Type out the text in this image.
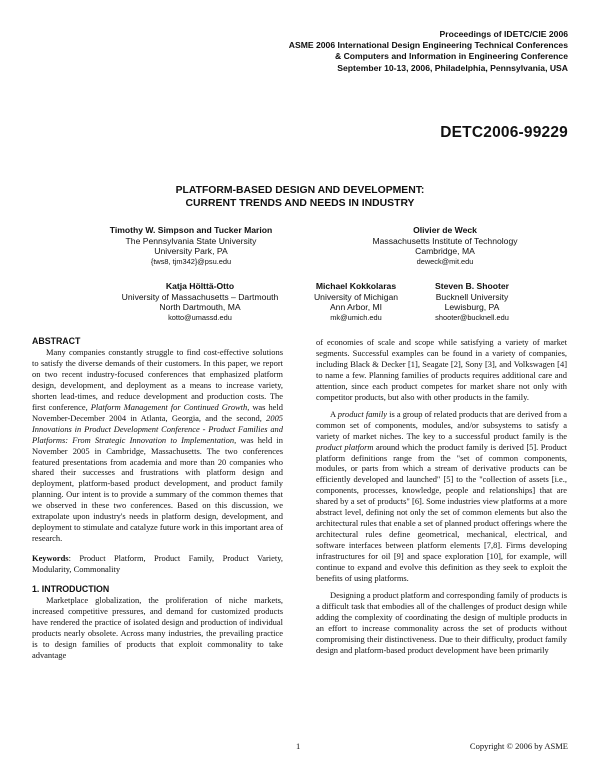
Proceedings of IDETC/CIE 2006
ASME 2006 International Design Engineering Technical Conferences
& Computers and Information in Engineering Conference
September 10-13, 2006, Philadelphia, Pennsylvania, USA
DETC2006-99229
PLATFORM-BASED DESIGN AND DEVELOPMENT:
CURRENT TRENDS AND NEEDS IN INDUSTRY
Timothy W. Simpson and Tucker Marion
The Pennsylvania State University
University Park, PA
{tws8, tjm342}@psu.edu
Olivier de Weck
Massachusetts Institute of Technology
Cambridge, MA
deweck@mit.edu
Katja Hölttä-Otto
University of Massachusetts – Dartmouth
North Dartmouth, MA
kotto@umassd.edu
Michael Kokkolaras
University of Michigan
Ann Arbor, MI
mk@umich.edu
Steven B. Shooter
Bucknell University
Lewisburg, PA
shooter@bucknell.edu

ABSTRACT

Many companies constantly struggle to find cost-effective solutions to satisfy the diverse demands of their customers. In this paper, we report on two recent industry-focused conferences that emphasized platform design, development, and deployment as a means to increase variety, shorten lead-times, and reduce development and production costs. The first conference, Platform Management for Continued Growth, was held November-December 2004 in Atlanta, Georgia, and the second, 2005 Innovations in Product Development Conference - Product Families and Platforms: From Strategic Innovation to Implementation, was held in November 2005 in Cambridge, Massachusetts. The two conferences featured presentations from academia and more than 20 companies who shared their successes and frustrations with platform design and deployment, platform-based product development, and product family planning. Our intent is to provide a summary of the common themes that we observed in these two conferences. Based on this discussion, we extrapolate upon industry's needs in platform design, development, and deployment to stimulate and catalyze future work in this important area of research.

Keywords: Product Platform, Product Family, Product Variety, Modularity, Commonality

1. INTRODUCTION

Marketplace globalization, the proliferation of niche markets, increased competitive pressures, and demand for customized products have rendered the practice of isolated design and production of individual products nearly obsolete. Across many industries, the prevailing practice is to design families of products that exploit commonality to take advantage

of economies of scale and scope while satisfying a variety of market segments. Successful examples can be found in a variety of companies, including Black & Decker [1], Seagate [2], Sony [3], and Volkswagen [4] to name a few. Planning families of products requires additional care and attention, since each product competes for market share not only with competitor products, but also with other products in the family.

A product family is a group of related products that are derived from a common set of components, modules, and/or subsystems to satisfy a variety of market niches. The key to a successful product family is the product platform around which the product family is derived [5]. Product platform definitions range from the "set of common components, modules, or parts from which a stream of derivative products can be efficiently developed and launched" [5] to the "collection of assets [i.e., components, processes, knowledge, people and relationships] that are shared by a set of products" [6]. Some industries view platforms at a more abstract level, defining not only the set of common elements but also the architectural rules that enable a set of planned product offerings where the architectural rules define geometrical, mechanical, electrical, and software interfaces between platform elements [7,8]. Firms developing infrastructures for oil [9] and space exploration [10], for example, will continue to expand and evolve this definition as they seek to exploit the benefits of using platforms.

Designing a product platform and corresponding family of products is a difficult task that embodies all of the challenges of product design while adding the complexity of coordinating the design of multiple products in an effort to increase commonality across the set of products without compromising their distinctiveness. Due to their difficulty, product family design and platform-based product development have been primarily

1	Copyright © 2006 by ASME
